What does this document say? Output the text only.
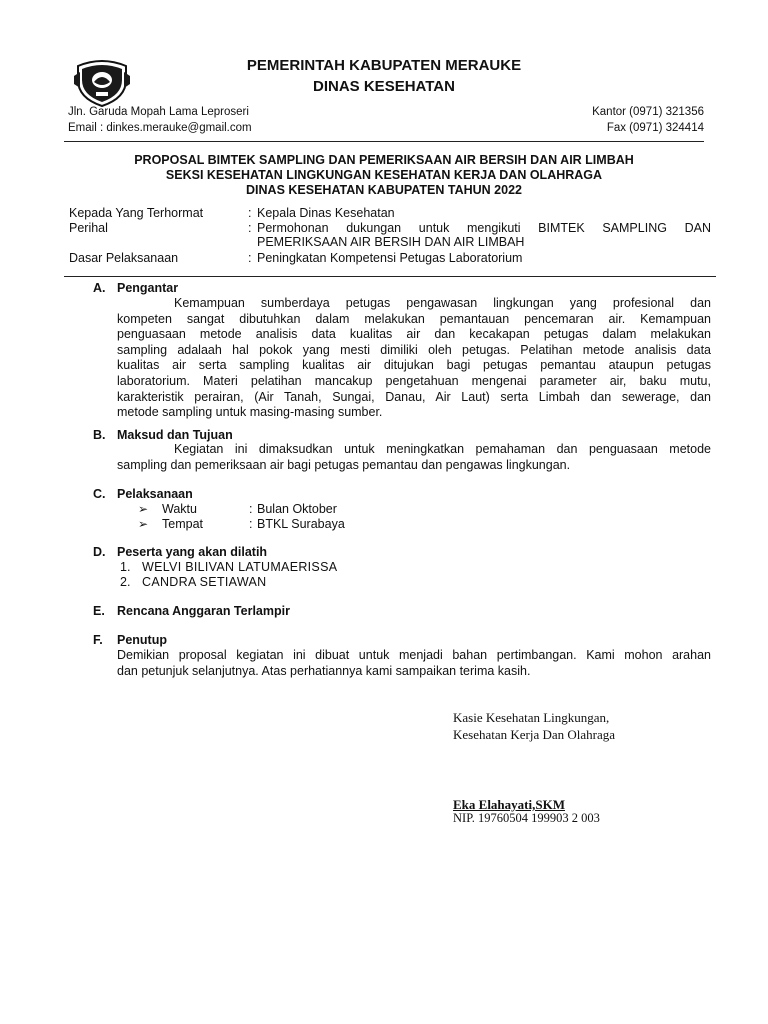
PEMERINTAH KABUPATEN MERAUKE
DINAS KESEHATAN
Jln. Garuda Mopah Lama Leproseri
Email : dinkes.merauke@gmail.com
Kantor (0971) 321356
Fax (0971) 324414
PROPOSAL BIMTEK SAMPLING DAN PEMERIKSAAN AIR BERSIH DAN AIR LIMBAH
SEKSI KESEHATAN LINGKUNGAN KESEHATAN KERJA DAN OLAHRAGA
DINAS KESEHATAN KABUPATEN TAHUN 2022
Kepada Yang Terhormat	: Kepala Dinas Kesehatan
Perihal	: Permohonan dukungan untuk mengikuti BIMTEK SAMPLING DAN
PEMERIKSAAN AIR BERSIH DAN AIR LIMBAH
Dasar Pelaksanaan	: Peningkatan Kompetensi Petugas Laboratorium
A. Pengantar
Kemampuan sumberdaya petugas pengawasan lingkungan yang profesional dan
kompeten sangat dibutuhkan dalam melakukan pemantauan pencemaran air. Kemampuan
penguasaan metode analisis data kualitas air dan kecakapan petugas dalam melakukan
sampling adalaah hal pokok yang mesti dimiliki oleh petugas. Pelatihan metode analisis data
kualitas air serta sampling kualitas air ditujukan bagi petugas pemantau ataupun petugas
laboratorium. Materi pelatihan mancakup pengetahuan mengenai parameter air, baku mutu,
karakteristik perairan, (Air Tanah, Sungai, Danau, Air Laut) serta Limbah dan sewerage, dan
metode sampling untuk masing-masing sumber.
B. Maksud dan Tujuan
Kegiatan ini dimaksudkan untuk meningkatkan pemahaman dan penguasaan metode
sampling dan pemeriksaan air bagi petugas pemantau dan pengawas lingkungan.
C. Pelaksanaan
➢ Waktu	: Bulan Oktober
➢ Tempat	: BTKL Surabaya
D. Peserta yang akan dilatih
1. WELVI BILIVAN LATUMAERISSA
2. CANDRA SETIAWAN
E. Rencana Anggaran Terlampir
F. Penutup
Demikian proposal kegiatan ini dibuat untuk menjadi bahan pertimbangan. Kami mohon arahan
dan petunjuk selanjutnya. Atas perhatiannya kami sampaikan terima kasih.
Kasie Kesehatan Lingkungan,
Kesehatan Kerja Dan Olahraga
Eka Elahayati,SKM
NIP. 19760504 199903 2 003
